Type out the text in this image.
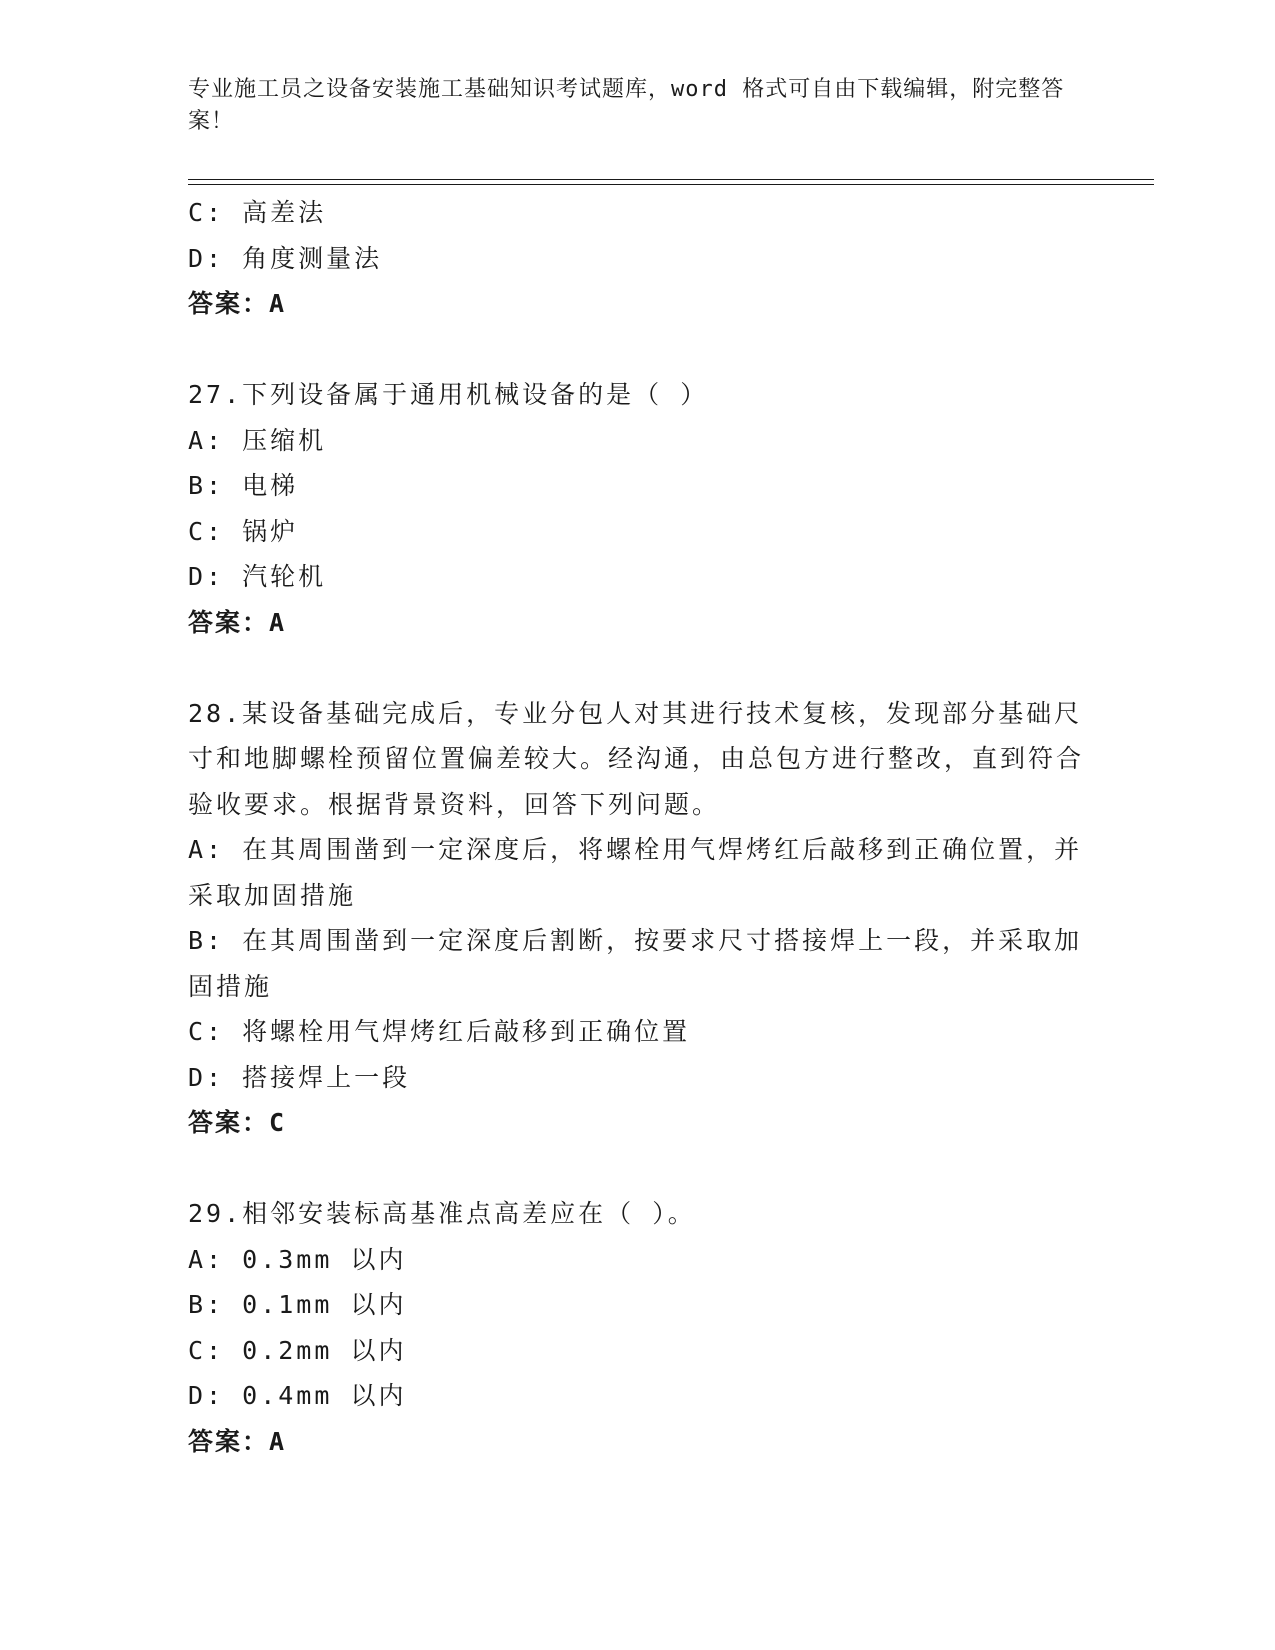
专业施工员之设备安装施工基础知识考试题库，word 格式可自由下载编辑，附完整答案！
C: 高差法
D: 角度测量法
答案：A
27.下列设备属于通用机械设备的是（ ）
A: 压缩机
B: 电梯
C: 锅炉
D: 汽轮机
答案：A
28.某设备基础完成后，专业分包人对其进行技术复核，发现部分基础尺寸和地脚螺栓预留位置偏差较大。经沟通，由总包方进行整改，直到符合验收要求。根据背景资料，回答下列问题。
A: 在其周围凿到一定深度后，将螺栓用气焊烤红后敲移到正确位置，并采取加固措施
B: 在其周围凿到一定深度后割断，按要求尺寸搭接焊上一段，并采取加固措施
C: 将螺栓用气焊烤红后敲移到正确位置
D: 搭接焊上一段
答案：C
29.相邻安装标高基准点高差应在（ ）。
A: 0.3mm 以内
B: 0.1mm 以内
C: 0.2mm 以内
D: 0.4mm 以内
答案：A
